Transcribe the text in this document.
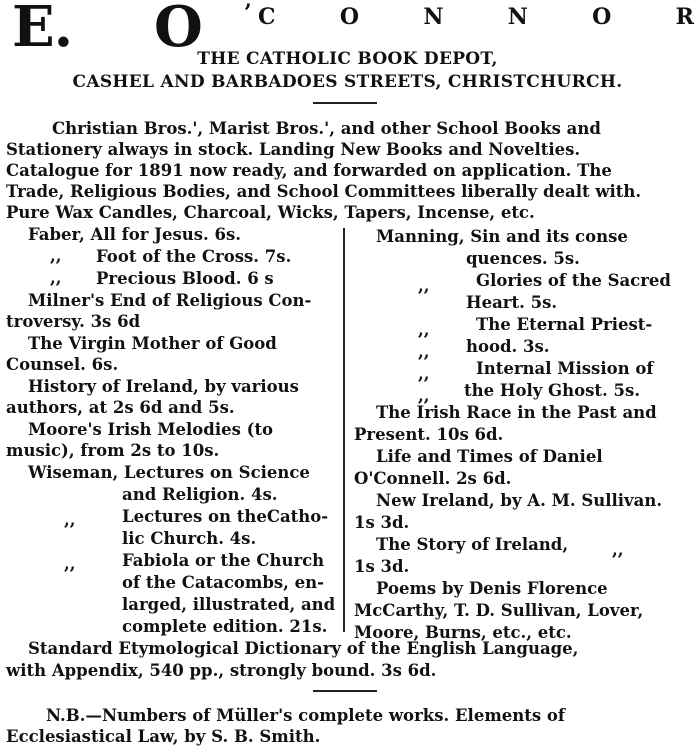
E. O ’ C	O	N	N	O	R
THE CATHOLIC BOOK DEPOT,
CASHEL AND BARBADOES STREETS, CHRISTCHURCH.
Christian Bros.', Marist Bros.', and other School Books and
Stationery always in stock. Landing New Books and Novelties.
Catalogue for 1891 now ready, and forwarded on application. The
Trade, Religious Bodies, and School Committees liberally dealt with.
Pure Wax Candles, Charcoal, Wicks, Tapers, Incense, etc.
Faber, All for Jesus. 6s.
,, Foot of the Cross. 7s.
,, Precious Blood. 6 s
Milner's End of Religious Con-
troversy. 3s 6d
The Virgin Mother of Good
Counsel. 6s.
History of Ireland, by various
authors, at 2s 6d and 5s.
Moore's Irish Melodies (to
music), from 2s to 10s.
Wiseman, Lectures on Science
and Religion. 4s.
,,	Lectures on theCatho-
lic Church. 4s.
,,	Fabiola or the Church
of the Catacombs, en-
larged, illustrated, and
complete edition. 21s.
Manning, Sin and its conse
quences. 5s.
,,	Glories of the Sacred
Heart. 5s.
,,	The Eternal Priest-
,, hood. 3s.
,,	Internal Mission of
,, the Holy Ghost. 5s.
The Irish Race in the Past and
Present. 10s 6d.
Life and Times of Daniel
O'Connell. 2s 6d.
New Ireland, by A. M. Sullivan.
1s 3d.
The Story of Ireland,	,,
1s 3d.
Poems by Denis Florence
McCarthy, T. D. Sullivan, Lover,
Moore, Burns, etc., etc.
Standard Etymological Dictionary of the English Language,
with Appendix, 540 pp., strongly bound. 3s 6d.
N.B.—Numbers of Müller's complete works. Elements of
Ecclesiastical Law, by S. B. Smith.
